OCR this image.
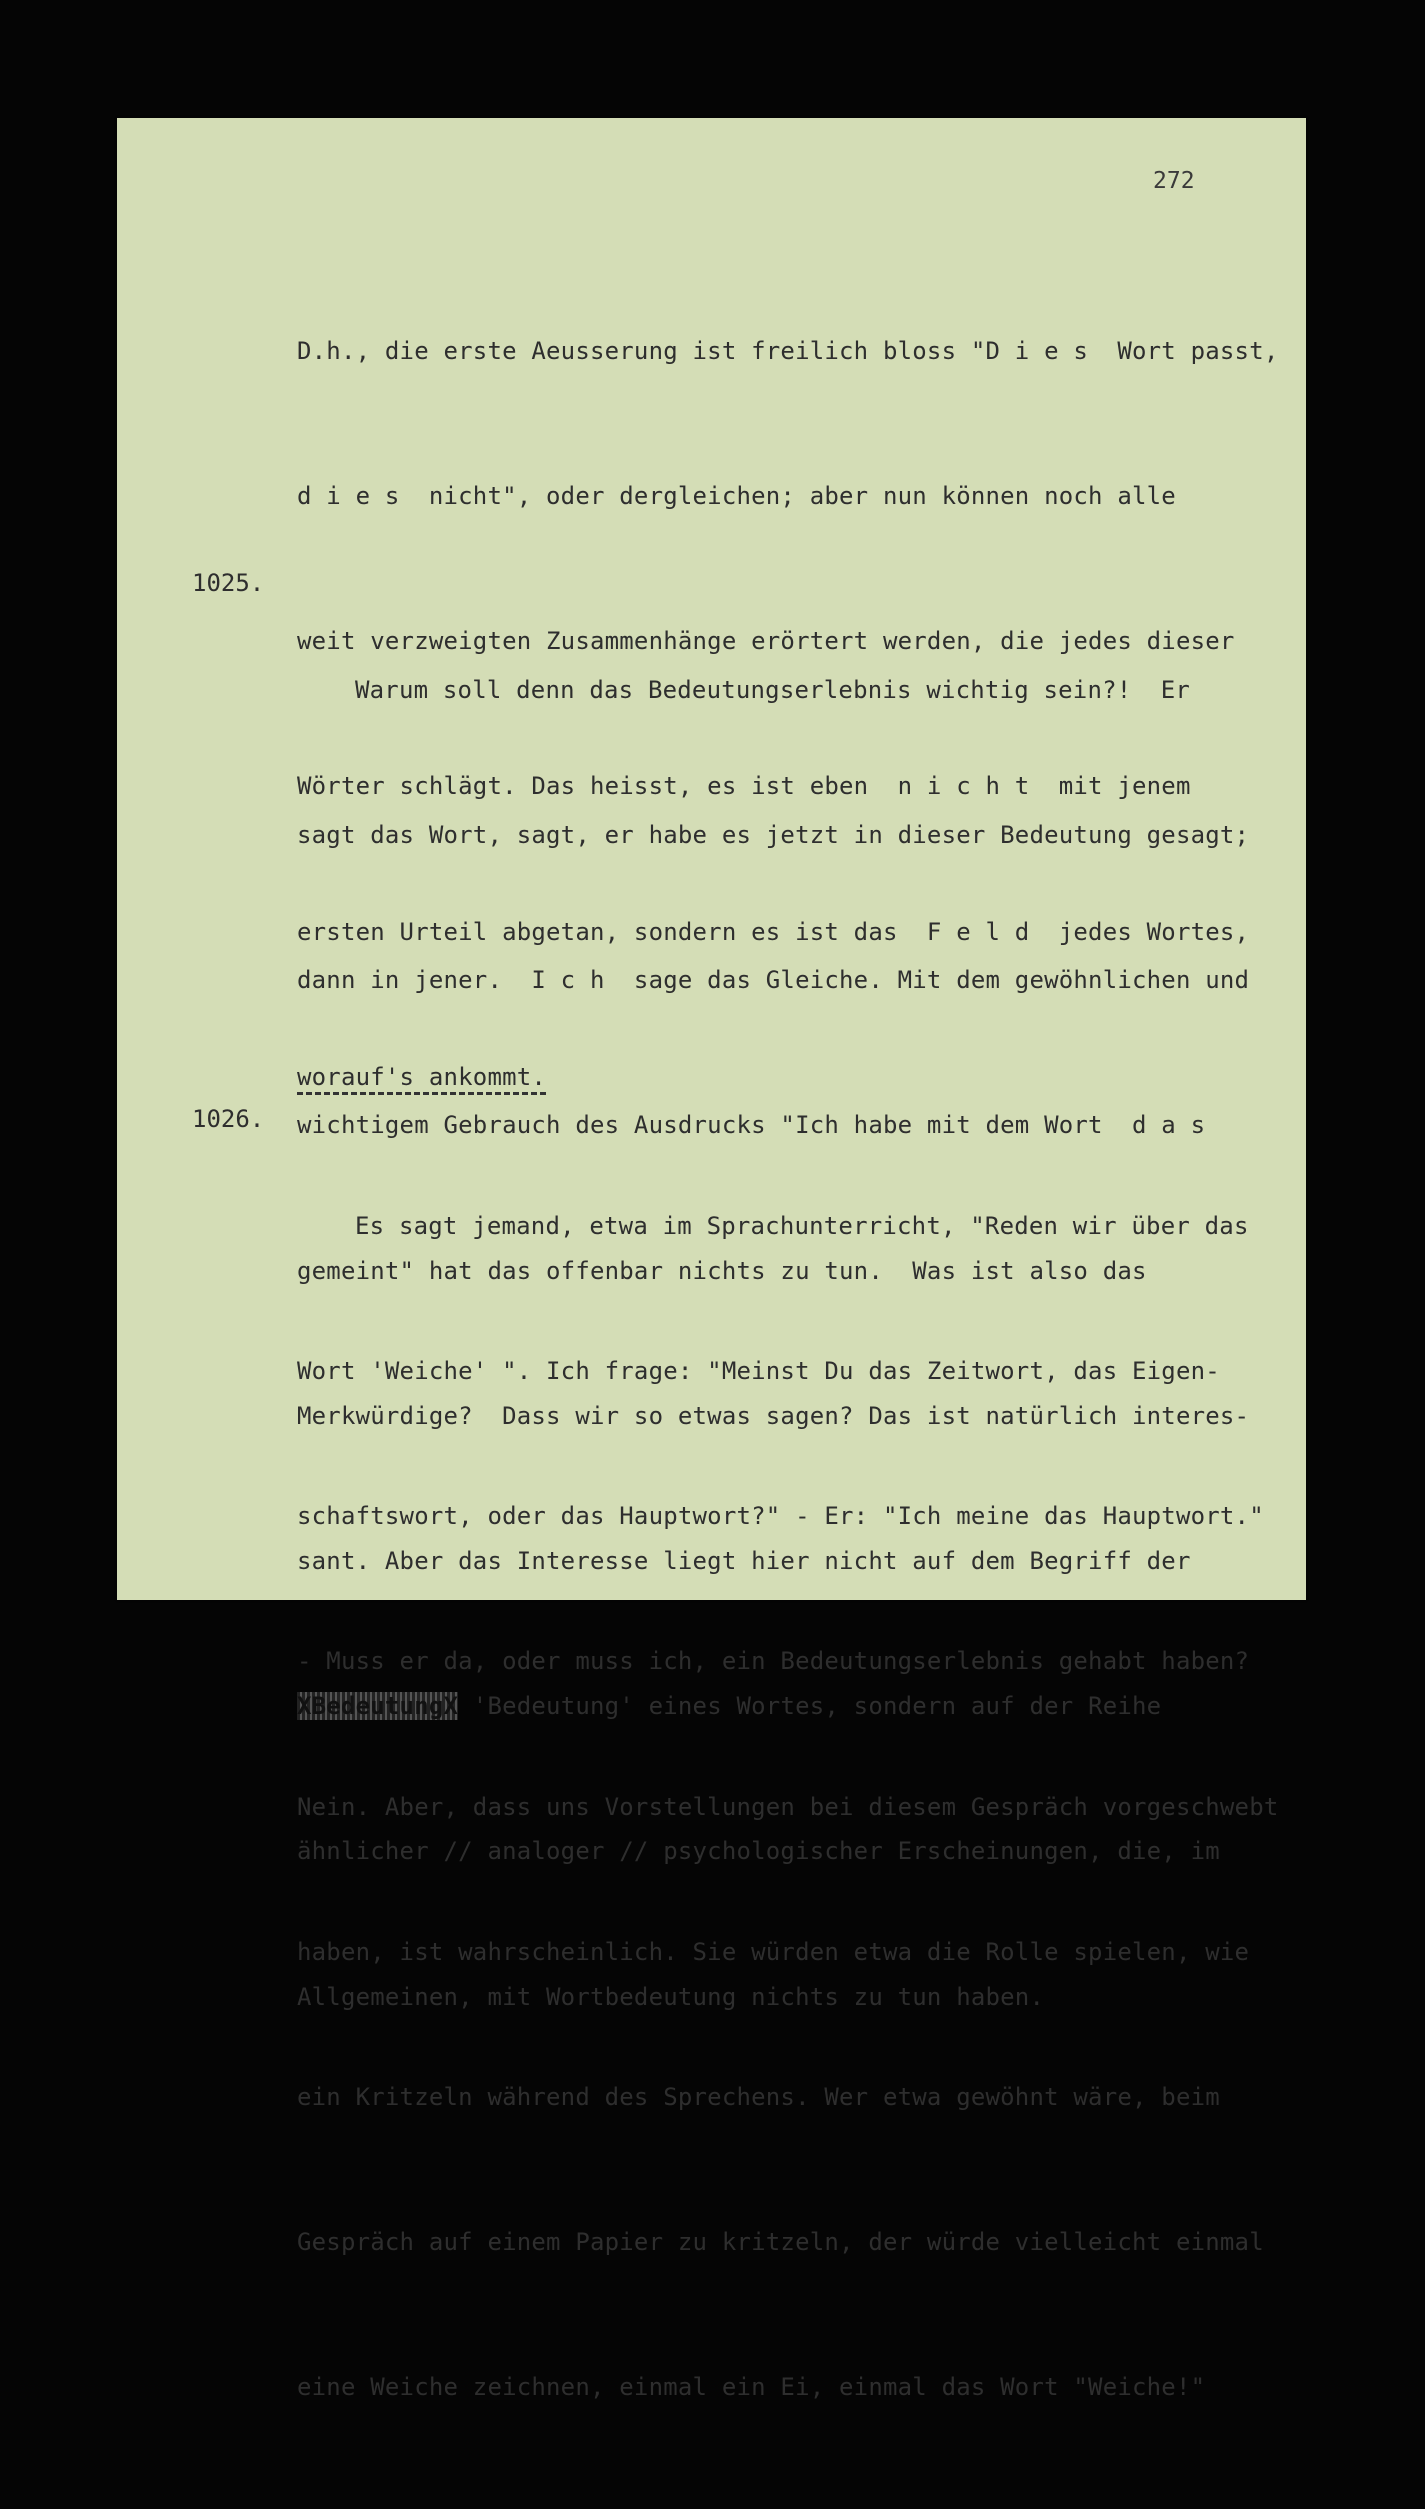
272

D.h., die erste Aeusserung ist freilich bloss "D i e s  Wort passt,

d i e s  nicht", oder dergleichen; aber nun können noch alle

weit verzweigten Zusammenhänge erörtert werden, die jedes dieser

Wörter schlägt. Das heisst, es ist eben  n i c h t  mit jenem

ersten Urteil abgetan, sondern es ist das  F e l d  jedes Wortes,

worauf's ankommt.

1025.

Warum soll denn das Bedeutungserlebnis wichtig sein?!  Er

sagt das Wort, sagt, er habe es jetzt in dieser Bedeutung gesagt;

dann in jener.  I c h  sage das Gleiche. Mit dem gewöhnlichen und

wichtigem Gebrauch des Ausdrucks "Ich habe mit dem Wort  d a s

gemeint" hat das offenbar nichts zu tun.  Was ist also das

Merkwürdige?  Dass wir so etwas sagen? Das ist natürlich interes-

sant. Aber das Interesse liegt hier nicht auf dem Begriff der

XBedeutungX 'Bedeutung' eines Wortes, sondern auf der Reihe

ähnlicher // analoger // psychologischer Erscheinungen, die, im

Allgemeinen, mit Wortbedeutung nichts zu tun haben.

1026.

Es sagt jemand, etwa im Sprachunterricht, "Reden wir über das

Wort 'Weiche' ". Ich frage: "Meinst Du das Zeitwort, das Eigen-

schaftswort, oder das Hauptwort?" - Er: "Ich meine das Hauptwort."

- Muss er da, oder muss ich, ein Bedeutungserlebnis gehabt haben?

Nein. Aber, dass uns Vorstellungen bei diesem Gespräch vorgeschwebt

haben, ist wahrscheinlich. Sie würden etwa die Rolle spielen, wie

ein Kritzeln während des Sprechens. Wer etwa gewöhnt wäre, beim

Gespräch auf einem Papier zu kritzeln, der würde vielleicht einmal

eine Weiche zeichnen, einmal ein Ei, einmal das Wort "Weiche!"
